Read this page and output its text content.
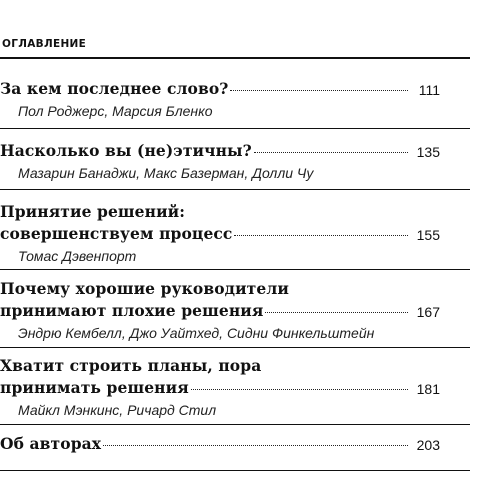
ОГЛАВЛЕНИЕ
За кем последнее слово?	111
Пол Роджерс, Марсия Бленко
Насколько вы (не)этичны?	135
Мазарин Банаджи, Макс Базерман, Долли Чу
Принятие решений:
совершенствуем процесс	155
Томас Дэвенпорт
Почему хорошие руководители
принимают плохие решения	167
Эндрю Кембелл, Джо Уайтхед, Сидни Финкельштейн
Хватит строить планы, пора
принимать решения	181
Майкл Мэнкинс, Ричард Стил
Об авторах	203
